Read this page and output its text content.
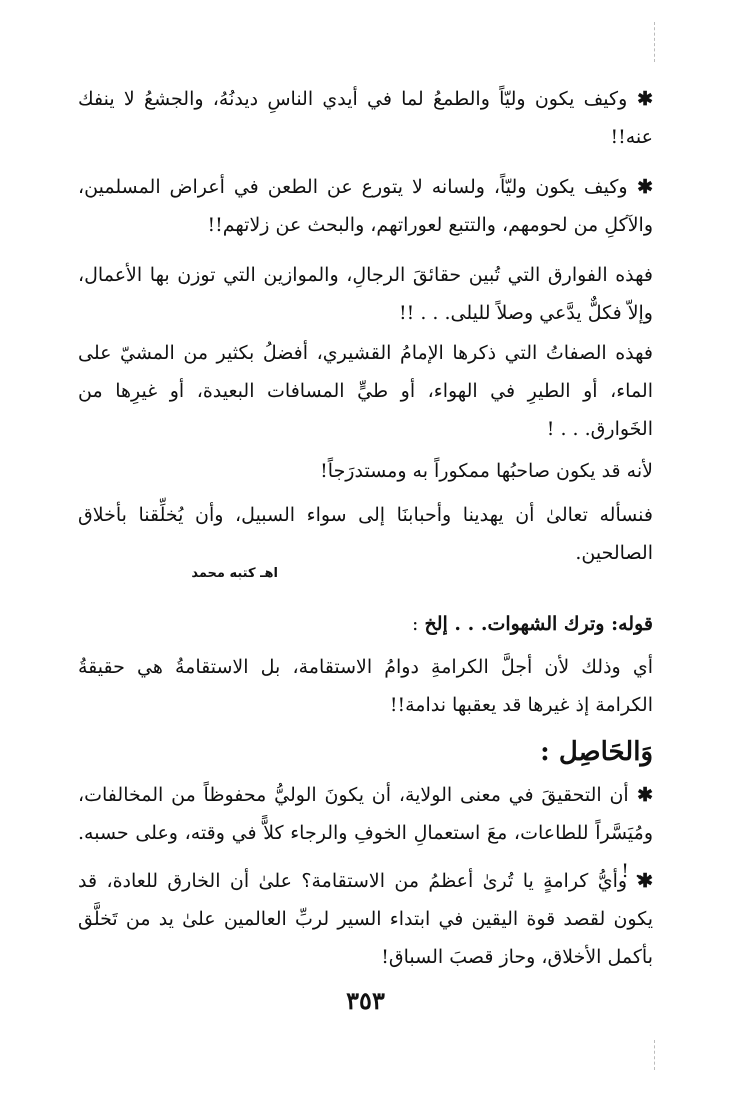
✱ وكيف يكون وليّاً والطمعُ لما في أيدي الناسِ ديدنُهُ، والجشعُ لا ينفك عنه!!
✱ وكيف يكون وليّاً، ولسانه لا يتورع عن الطعن في أعراض المسلمين، والآكلِ من لحومهم، والتتبع لعوراتهم، والبحث عن زلاتهم!!
فهذه الفوارق التي تُبين حقائقَ الرجالِ، والموازين التي توزن بها الأعمال، وإلاّ فكلٌّ يدَّعي وصلاً لليلى. . . !!
فهذه الصفاتُ التي ذكرها الإمامُ القشيري، أفضلُ بكثير من المشيّ على الماء، أو الطيرِ في الهواء، أو طيٍّ المسافات البعيدة، أو غيرِها من الخَوارق. . . !
لأنه قد يكون صاحبُها ممكوراً به ومستدرَجاً!
فنسأله تعالىٰ أن يهدينا وأحبابنَا إلى سواء السبيل، وأن يُخلِّقنا بأخلاق الصالحين.
اهـ كتبه محمد
قوله: وترك الشهوات. . . إلخ :
أي وذلك لأن أجلَّ الكرامةِ دوامُ الاستقامة، بل الاستقامةُ هي حقيقةُ الكرامة إذ غيرها قد يعقبها ندامة!!
وَالحَاصِل :
✱ أن التحقيقَ في معنى الولاية، أن يكونَ الوليُّ محفوظاً من المخالفات، ومُيَسَّراً للطاعات، معَ استعمالِ الخوفِ والرجاء كلاًّ في وقته، وعلى حسبه. . . !
✱ وأيُّ كرامةٍ يا تُرىٰ أعظمُ من الاستقامة؟ علىٰ أن الخارق للعادة، قد يكون لقصد قوة اليقين في ابتداء السير لربِّ العالمين علىٰ يد من تَخلَّق بأكمل الأخلاق، وحاز قصبَ السباق!
٣٥٣
